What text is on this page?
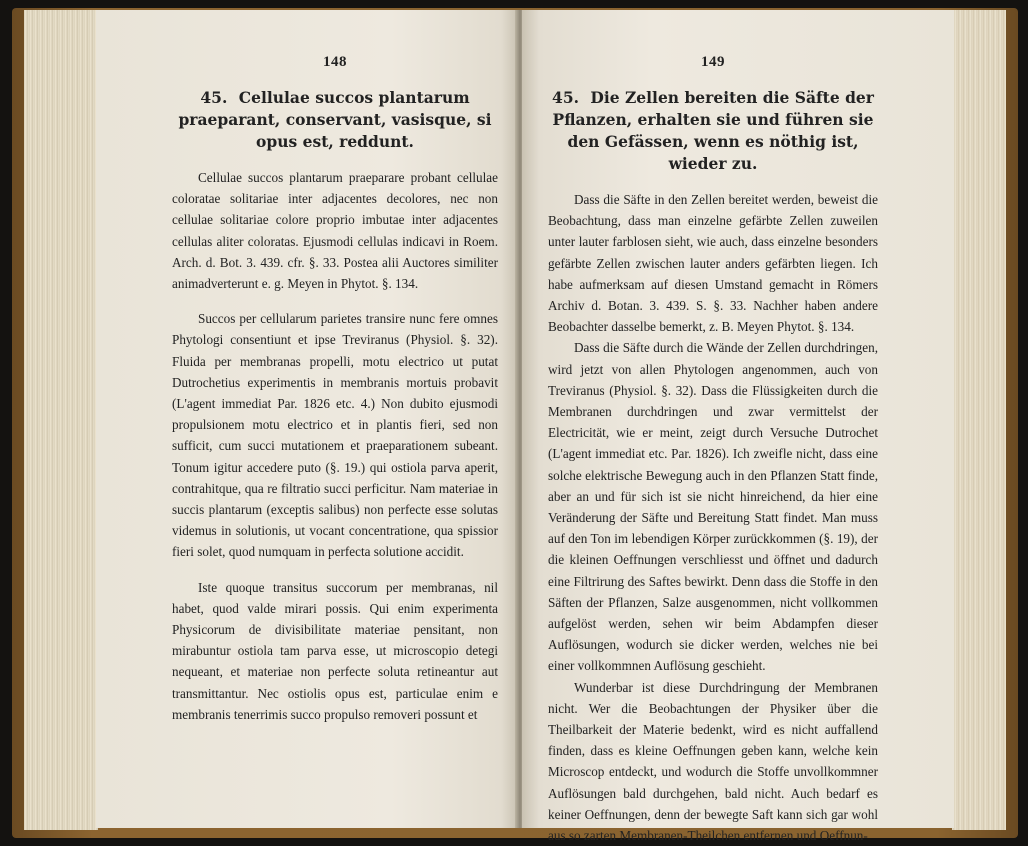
148
45. Cellulae succos plantarum praeparant, conservant, vasisque, si opus est, reddunt.

Cellulae succos plantarum praeparare probant cellulae coloratae solitariae inter adjacentes decolores, nec non cellulae solitariae colore proprio imbutae inter adjacentes cellulas aliter coloratas. Ejusmodi cellulas indicavi in Roem. Arch. d. Bot. 3. 439. cfr. §. 33. Postea alii Auctores similiter animadverterunt e. g. Meyen in Phytot. §. 134.

Succos per cellularum parietes transire nunc fere omnes Phytologi consentiunt et ipse Treviranus (Physiol. §. 32). Fluida per membranas propelli, motu electrico ut putat Dutrochetius experimentis in membranis mortuis probavit (L'agent immediat Par. 1826 etc. 4.) Non dubito ejusmodi propulsionem motu electrico et in plantis fieri, sed non sufficit, cum succi mutationem et praeparationem subeant. Tonum igitur accedere puto (§. 19.) qui ostiola parva aperit, contrahitque, qua re filtratio succi perficitur. Nam materiae in succis plantarum (exceptis salibus) non perfecte esse solutas videmus in solutionis, ut vocant concentratione, qua spissior fieri solet, quod numquam in perfecta solutione accidit.

Iste quoque transitus succorum per membranas, nil habet, quod valde mirari possis. Qui enim experimenta Physicorum de divisibilitate materiae pensitant, non mirabuntur ostiola tam parva esse, ut microscopio detegi nequeant, et materiae non perfecte soluta retineantur aut transmittantur. Nec ostiolis opus est, particulae enim e membranis tenerrimis succo propulso removeri possunt et

149
45. Die Zellen bereiten die Säfte der Pflanzen, erhalten sie und führen sie den Gefässen, wenn es nöthig ist, wieder zu.

Dass die Säfte in den Zellen bereitet werden, beweist die Beobachtung, dass man einzelne gefärbte Zellen zuweilen unter lauter farblosen sieht, wie auch, dass einzelne besonders gefärbte Zellen zwischen lauter anders gefärbten liegen. Ich habe aufmerksam auf diesen Umstand gemacht in Römers Archiv d. Botan. 3. 439. S. §. 33. Nachher haben andere Beobachter dasselbe bemerkt, z. B. Meyen Phytot. §. 134.

Dass die Säfte durch die Wände der Zellen durchdringen, wird jetzt von allen Phytologen angenommen, auch von Treviranus (Physiol. §. 32). Dass die Flüssigkeiten durch die Membranen durchdringen und zwar vermittelst der Electricität, wie er meint, zeigt durch Versuche Dutrochet (L'agent immediat etc. Par. 1826). Ich zweifle nicht, dass eine solche elektrische Bewegung auch in den Pflanzen Statt finde, aber an und für sich ist sie nicht hinreichend, da hier eine Veränderung der Säfte und Bereitung Statt findet. Man muss auf den Ton im lebendigen Körper zurückkommen (§. 19), der die kleinen Oeffnungen verschliesst und öffnet und dadurch eine Filtrirung des Saftes bewirkt. Denn dass die Stoffe in den Säften der Pflanzen, Salze ausgenommen, nicht vollkommen aufgelöst werden, sehen wir beim Abdampfen dieser Auflösungen, wodurch sie dicker werden, welches nie bei einer vollkommnen Auflösung geschieht.

Wunderbar ist diese Durchdringung der Membranen nicht. Wer die Beobachtungen der Physiker über die Theilbarkeit der Materie bedenkt, wird es nicht auffallend finden, dass es kleine Oeffnungen geben kann, welche kein Microscop entdeckt, und wodurch die Stoffe unvollkommner Auflösungen bald durchgehen, bald nicht. Auch bedarf es keiner Oeffnungen, denn der bewegte Saft kann sich gar wohl aus so zarten Membranen-Theilchen entfernen und Oeffnun-
